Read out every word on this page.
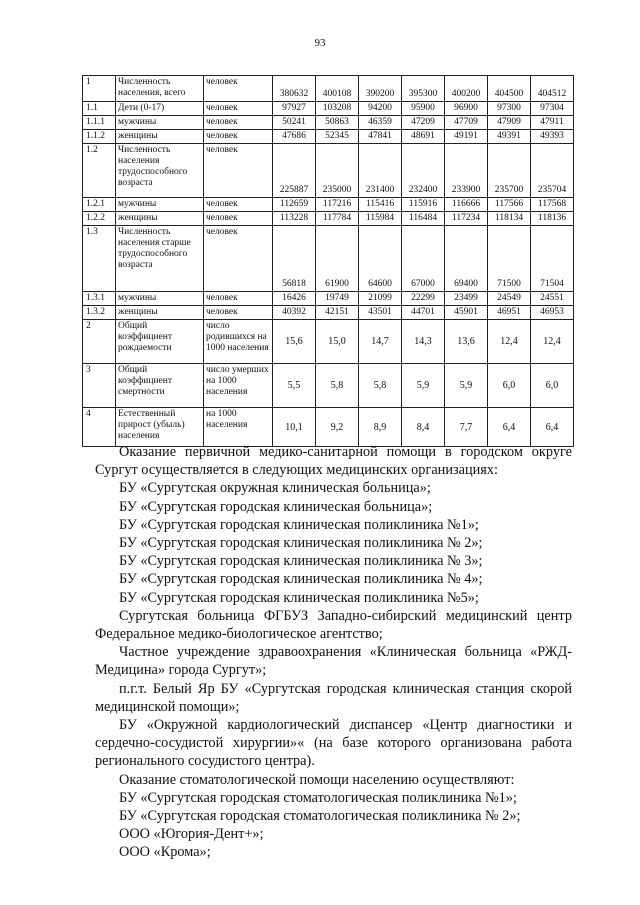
93
1	Численность населения, всего	человек	380632	400108	390200	395300	400200	404500	404512
1.1	Дети (0-17)	человек	97927	103208	94200	95900	96900	97300	97304
1.1.1	мужчины	человек	50241	50863	46359	47209	47709	47909	47911
1.1.2	женщины	человек	47686	52345	47841	48691	49191	49391	49393
1.2	Численность населения трудоспособного возраста	человек	225887	235000	231400	232400	233900	235700	235704
1.2.1	мужчины	человек	112659	117216	115416	115916	116666	117566	117568
1.2.2	женщины	человек	113228	117784	115984	116484	117234	118134	118136
1.3	Численность населения старше трудоспособного возраста	человек	56818	61900	64600	67000	69400	71500	71504
1.3.1	мужчины	человек	16426	19749	21099	22299	23499	24549	24551
1.3.2	женщины	человек	40392	42151	43501	44701	45901	46951	46953
2	Общий коэффициент рождаемости	число родившихся на 1000 населения	15,6	15,0	14,7	14,3	13,6	12,4	12,4
3	Общий коэффициент смертности	число умерших на 1000 населения	5,5	5,8	5,8	5,9	5,9	6,0	6,0
4	Естественный прирост (убыль) населения	на 1000 населения	10,1	9,2	8,9	8,4	7,7	6,4	6,4

Оказание первичной медико-санитарной помощи в городском округе Сургут осуществляется в следующих медицинских организациях:

БУ «Сургутская окружная клиническая больница»;

БУ «Сургутская городская клиническая больница»;

БУ «Сургутская городская клиническая поликлиника №1»;

БУ «Сургутская городская клиническая поликлиника № 2»;

БУ «Сургутская городская клиническая поликлиника № 3»;

БУ «Сургутская городская клиническая поликлиника № 4»;

БУ «Сургутская городская клиническая поликлиника №5»;

Сургутская больница ФГБУЗ Западно-сибирский медицинский центр Федеральное медико-биологическое агентство;

Частное учреждение здравоохранения «Клиническая больница «РЖД-Медицина» города Сургут»;

п.г.т. Белый Яр БУ «Сургутская городская клиническая станция скорой медицинской помощи»;

БУ «Окружной кардиологический диспансер «Центр диагностики и сердечно-сосудистой хирургии»« (на базе которого организована работа регионального сосудистого центра).

Оказание стоматологической помощи населению осуществляют:

БУ «Сургутская городская стоматологическая поликлиника №1»;

БУ «Сургутская городская стоматологическая поликлиника № 2»;

ООО «Югория-Дент+»;

ООО «Крома»;
